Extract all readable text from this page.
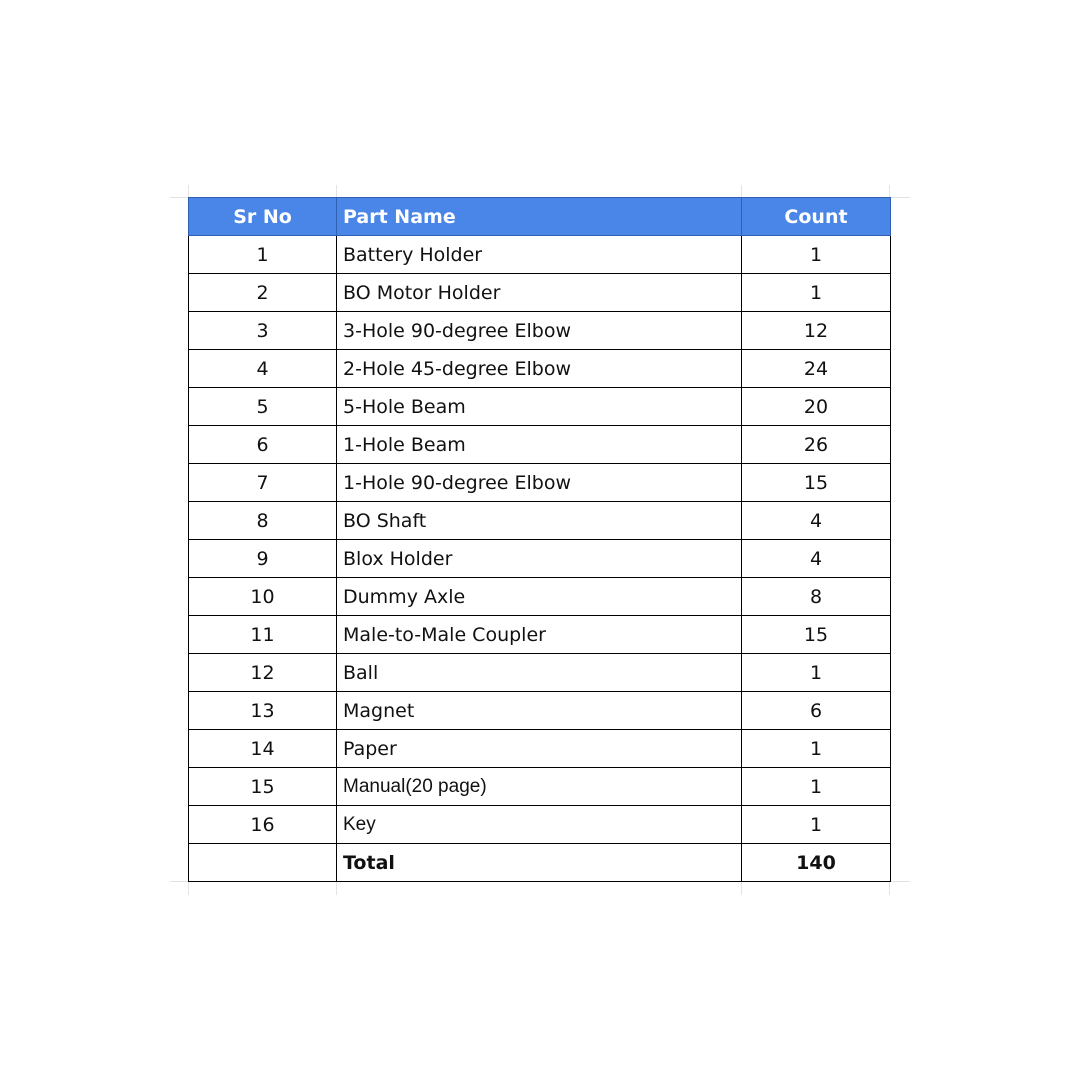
Sr No	Part Name	Count
1	Battery Holder	1
2	BO Motor Holder	1
3	3-Hole 90-degree Elbow	12
4	2-Hole 45-degree Elbow	24
5	5-Hole Beam	20
6	1-Hole Beam	26
7	1-Hole 90-degree Elbow	15
8	BO Shaft	4
9	Blox Holder	4
10	Dummy Axle	8
11	Male-to-Male Coupler	15
12	Ball	1
13	Magnet	6
14	Paper	1
15	Manual(20 page)	1
16	Key	1
	Total	140
